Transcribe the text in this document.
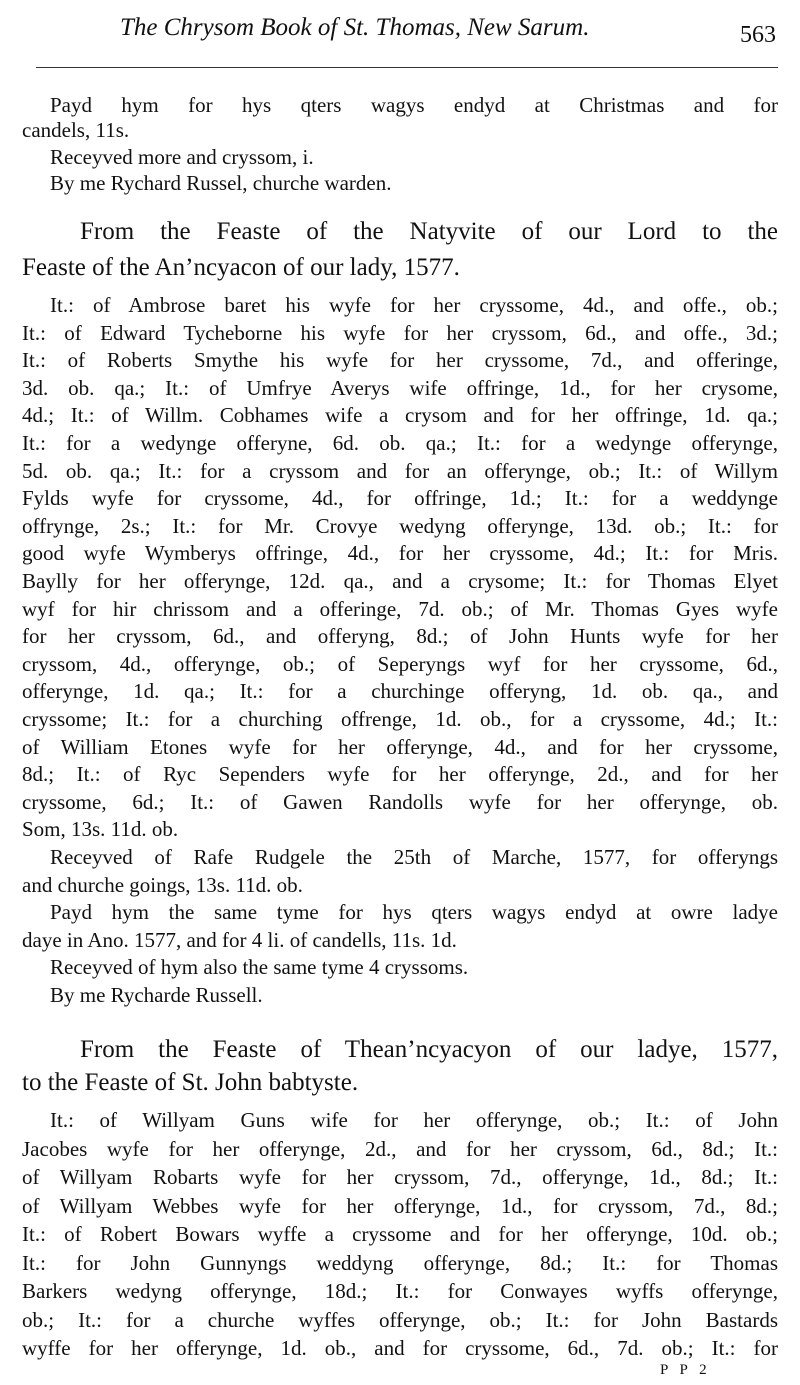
The Chrysom Book of St. Thomas, New Sarum.	563
Payd hym for hys qters wagys endyd at Christmas and for
candels, 11s.
Receyved more and cryssom, i.
By me Rychard Russel, churche warden.
From the Feaste of the Natyvite of our Lord to the
Feaste of the An’ncyacon of our lady, 1577.
It.: of Ambrose baret his wyfe for her cryssome, 4d., and offe., ob.;
It.: of Edward Tycheborne his wyfe for her cryssom, 6d., and offe., 3d.;
It.: of Roberts Smythe his wyfe for her cryssome, 7d., and offeringe,
3d. ob. qa.; It.: of Umfrye Averys wife offringe, 1d., for her crysome,
4d.; It.: of Willm. Cobhames wife a crysom and for her offringe, 1d. qa.;
It.: for a wedynge offeryne, 6d. ob. qa.; It.: for a wedynge offerynge,
5d. ob. qa.; It.: for a cryssom and for an offerynge, ob.; It.: of Willym
Fylds wyfe for cryssome, 4d., for offringe, 1d.; It.: for a weddynge
offrynge, 2s.; It.: for Mr. Crovye wedyng offerynge, 13d. ob.; It.: for
good wyfe Wymberys offringe, 4d., for her cryssome, 4d.; It.: for Mris.
Baylly for her offerynge, 12d. qa., and a crysome; It.: for Thomas Elyet
wyf for hir chrissom and a offeringe, 7d. ob.; of Mr. Thomas Gyes wyfe
for her cryssom, 6d., and offeryng, 8d.; of John Hunts wyfe for her
cryssom, 4d., offerynge, ob.; of Seperyngs wyf for her cryssome, 6d.,
offerynge, 1d. qa.; It.: for a churchinge offeryng, 1d. ob. qa., and
cryssome; It.: for a churching offrenge, 1d. ob., for a cryssome, 4d.; It.:
of William Etones wyfe for her offerynge, 4d., and for her cryssome,
8d.; It.: of Ryc Sependers wyfe for her offerynge, 2d., and for her
cryssome, 6d.; It.: of Gawen Randolls wyfe for her offerynge, ob.
Som, 13s. 11d. ob.
Receyved of Rafe Rudgele the 25th of Marche, 1577, for offeryngs
and churche goings, 13s. 11d. ob.
Payd hym the same tyme for hys qters wagys endyd at owre ladye
daye in Ano. 1577, and for 4 li. of candells, 11s. 1d.
Receyved of hym also the same tyme 4 cryssoms.
By me Rycharde Russell.
From the Feaste of Thean’ncyacyon of our ladye, 1577,
to the Feaste of St. John babtyste.
It.: of Willyam Guns wife for her offerynge, ob.; It.: of John
Jacobes wyfe for her offerynge, 2d., and for her cryssom, 6d., 8d.; It.:
of Willyam Robarts wyfe for her cryssom, 7d., offerynge, 1d., 8d.; It.:
of Willyam Webbes wyfe for her offerynge, 1d., for cryssom, 7d., 8d.;
It.: of Robert Bowars wyffe a cryssome and for her offerynge, 10d. ob.;
It.: for John Gunnyngs weddyng offerynge, 8d.; It.: for Thomas
Barkers wedyng offerynge, 18d.; It.: for Conwayes wyffs offerynge,
ob.; It.: for a churche wyffes offerynge, ob.; It.: for John Bastards
wyffe for her offerynge, 1d. ob., and for cryssome, 6d., 7d. ob.; It.: for
P P 2
